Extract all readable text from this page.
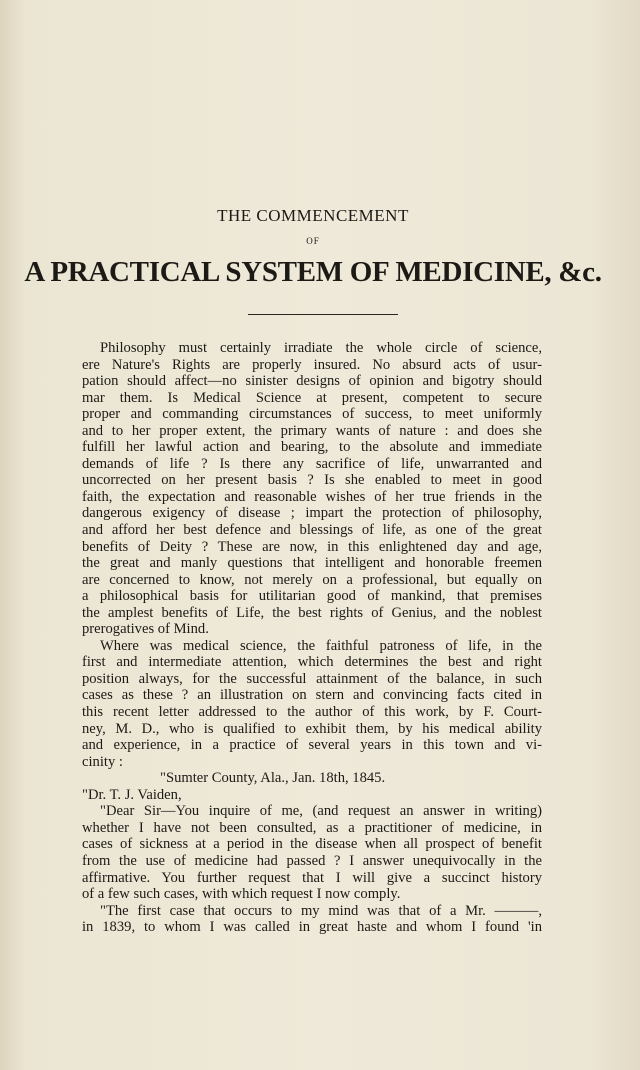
THE COMMENCEMENT
OF
A PRACTICAL SYSTEM OF MEDICINE, &c.
Philosophy must certainly irradiate the whole circle of science,
ere Nature's Rights are properly insured. No absurd acts of usur-
pation should affect—no sinister designs of opinion and bigotry should
mar them. Is Medical Science at present, competent to secure
proper and commanding circumstances of success, to meet uniformly
and to her proper extent, the primary wants of nature : and does she
fulfill her lawful action and bearing, to the absolute and immediate
demands of life ? Is there any sacrifice of life, unwarranted and
uncorrected on her present basis ? Is she enabled to meet in good
faith, the expectation and reasonable wishes of her true friends in the
dangerous exigency of disease ; impart the protection of philosophy,
and afford her best defence and blessings of life, as one of the great
benefits of Deity ? These are now, in this enlightened day and age,
the great and manly questions that intelligent and honorable freemen
are concerned to know, not merely on a professional, but equally on
a philosophical basis for utilitarian good of mankind, that premises
the amplest benefits of Life, the best rights of Genius, and the noblest
prerogatives of Mind.
Where was medical science, the faithful patroness of life, in the
first and intermediate attention, which determines the best and right
position always, for the successful attainment of the balance, in such
cases as these ? an illustration on stern and convincing facts cited in
this recent letter addressed to the author of this work, by F. Court-
ney, M. D., who is qualified to exhibit them, by his medical ability
and experience, in a practice of several years in this town and vi-
cinity :
"Sumter County, Ala., Jan. 18th, 1845.
"Dr. T. J. Vaiden,
"Dear Sir—You inquire of me, (and request an answer in writing)
whether I have not been consulted, as a practitioner of medicine, in
cases of sickness at a period in the disease when all prospect of benefit
from the use of medicine had passed ? I answer unequivocally in the
affirmative. You further request that I will give a succinct history
of a few such cases, with which request I now comply.
"The first case that occurs to my mind was that of a Mr. ———,
in 1839, to whom I was called in great haste and whom I found 'in
